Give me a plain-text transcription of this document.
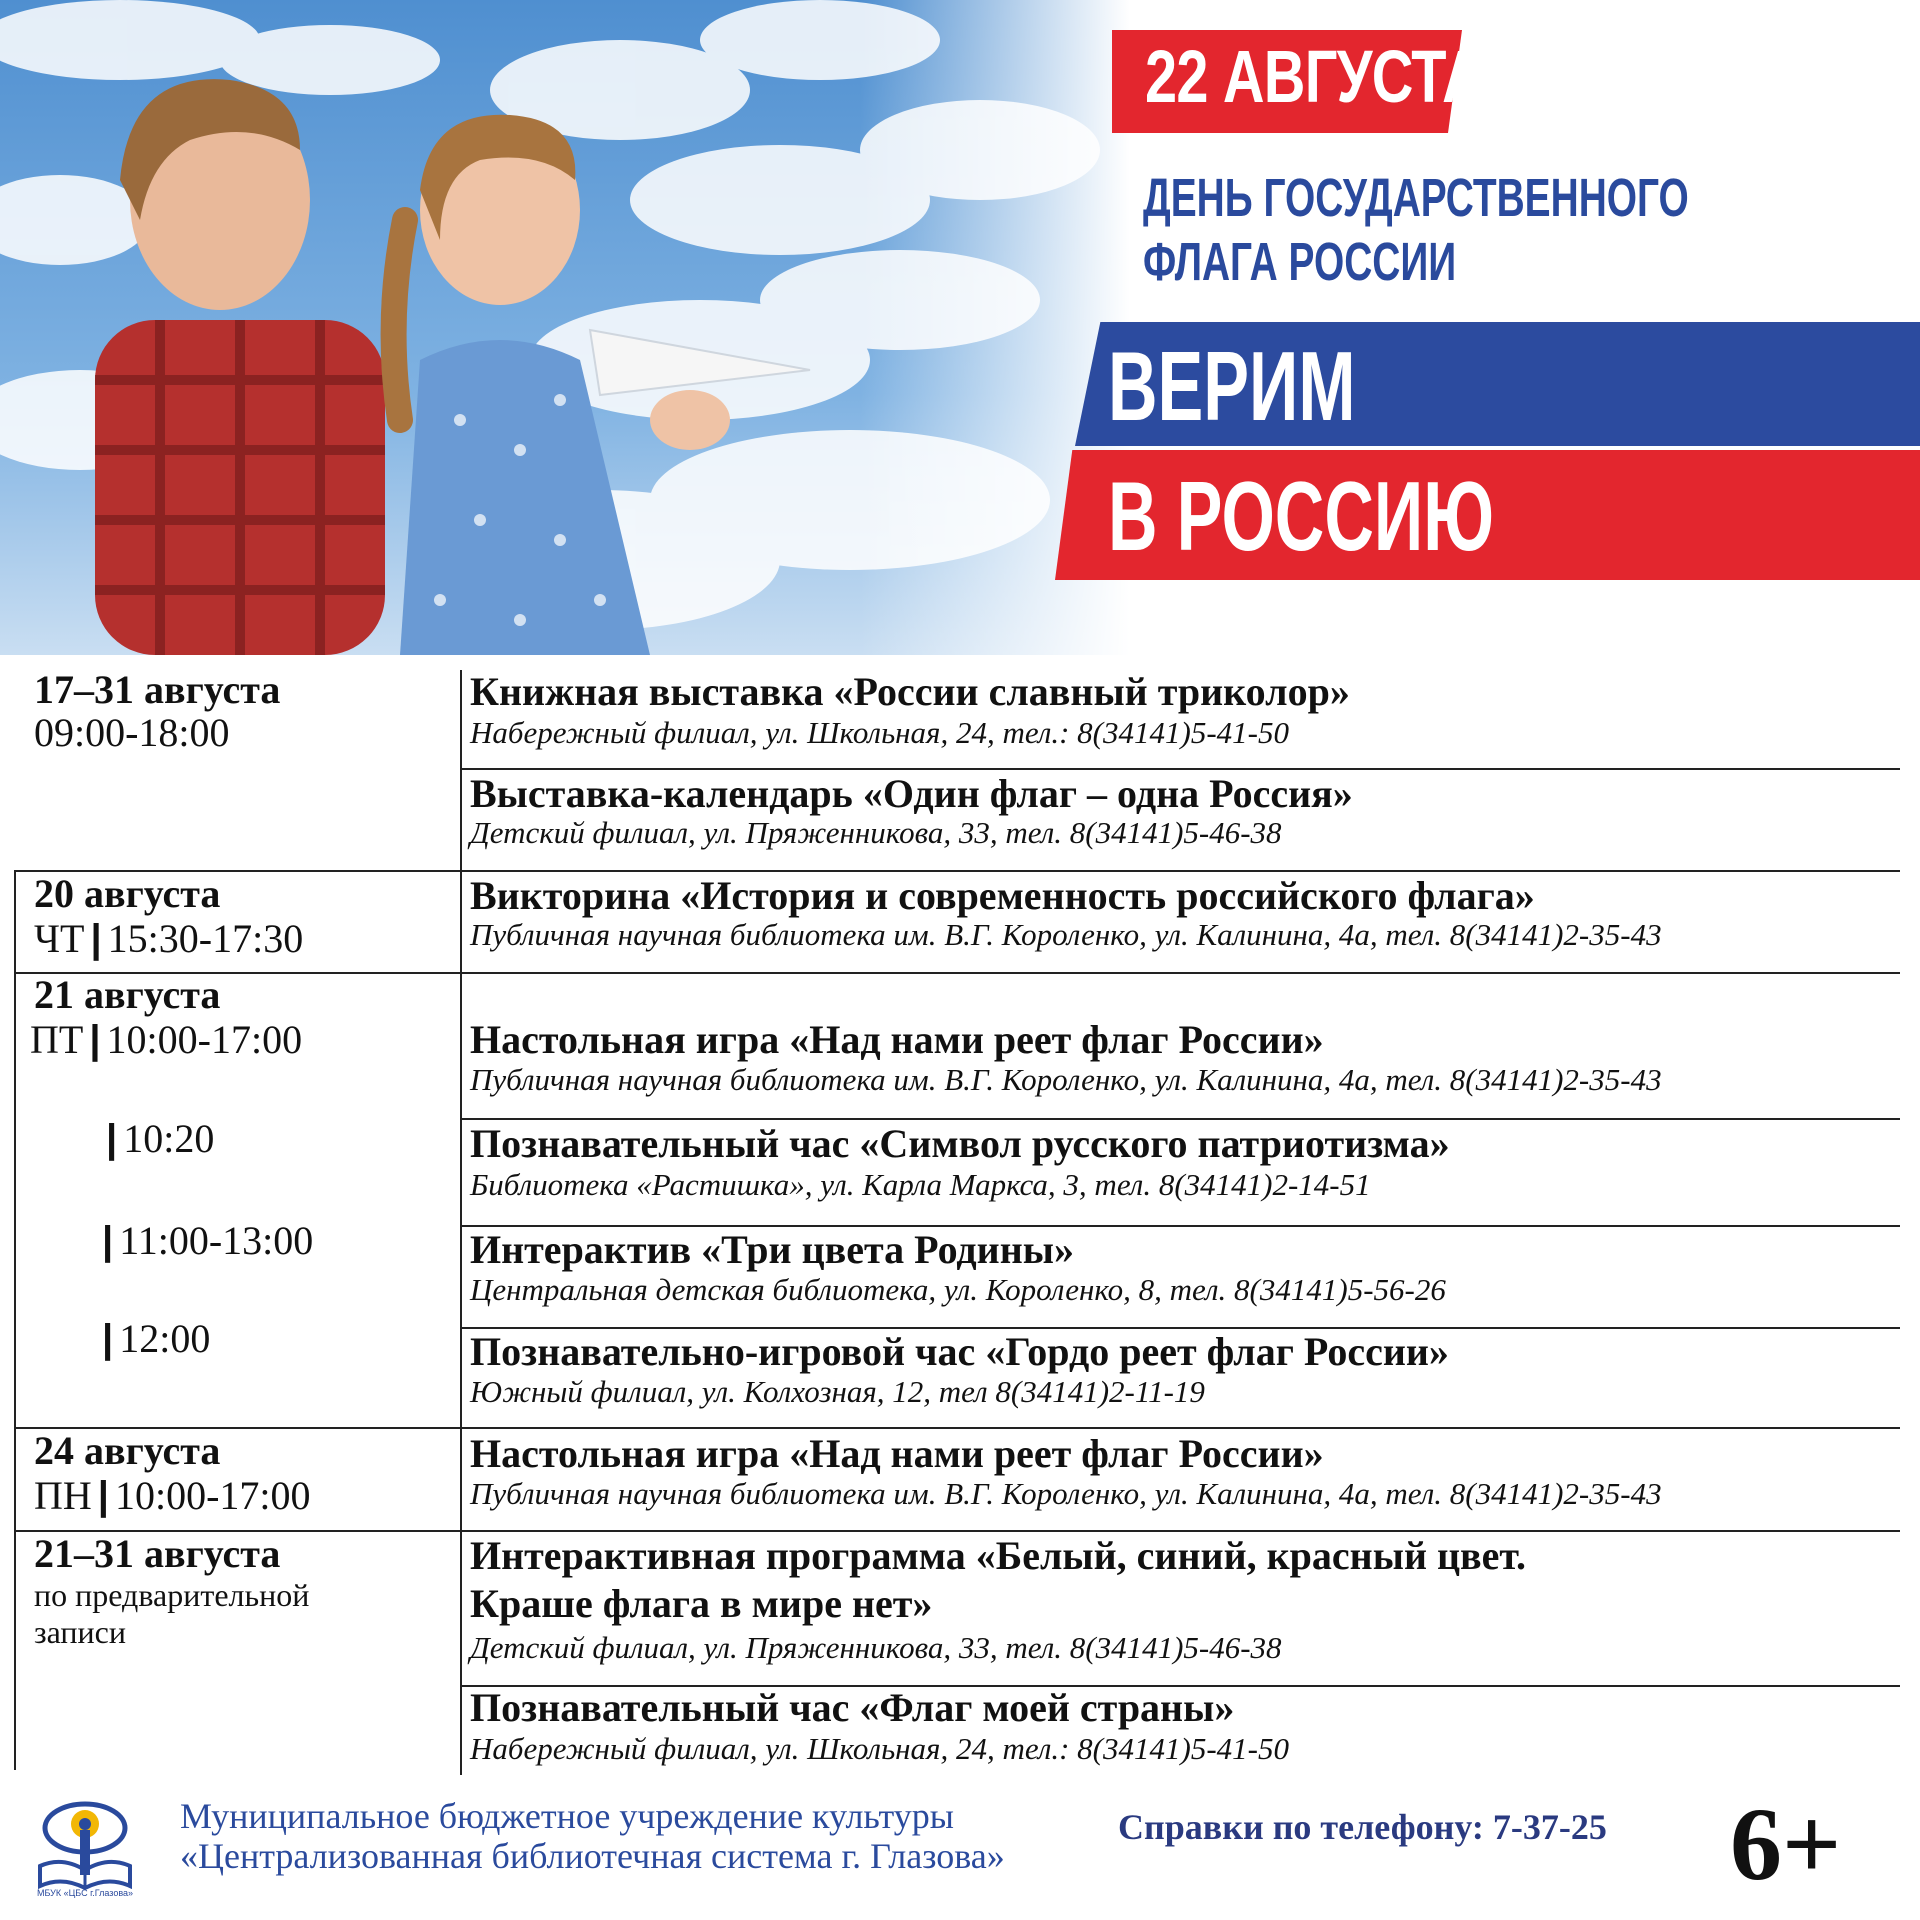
22 АВГУСТА
ДЕНЬ ГОСУДАРСТВЕННОГО
ФЛАГА РОССИИ
ВЕРИМ
В РОССИЮ
17–31 августа
09:00-18:00
Книжная выставка «России славный триколор»
Набережный филиал, ул. Школьная, 24, тел.: 8(34141)5-41-50
Выставка-календарь «Один флаг – одна Россия»
Детский филиал, ул. Пряженникова, 33, тел. 8(34141)5-46-38
20 августа
ЧТ | 15:30-17:30
Викторина «История и современность российского флага»
Публичная научная библиотека им. В.Г. Короленко, ул. Калинина, 4а, тел. 8(34141)2-35-43
21 августа
ПТ | 10:00-17:00
| 10:20
| 11:00-13:00
| 12:00
Настольная игра «Над нами реет флаг России»
Публичная научная библиотека им. В.Г. Короленко, ул. Калинина, 4а, тел. 8(34141)2-35-43
Познавательный час «Символ русского патриотизма»
Библиотека «Растишка», ул. Карла Маркса, 3, тел. 8(34141)2-14-51
Интерактив «Три цвета Родины»
Центральная детская библиотека, ул. Короленко, 8, тел. 8(34141)5-56-26
Познавательно-игровой час «Гордо реет флаг России»
Южный филиал, ул. Колхозная, 12, тел 8(34141)2-11-19
24 августа
ПН | 10:00-17:00
Настольная игра «Над нами реет флаг России»
Публичная научная библиотека им. В.Г. Короленко, ул. Калинина, 4а, тел. 8(34141)2-35-43
21–31 августа
по предварительной
записи
Интерактивная программа «Белый, синий, красный цвет.
Краше флага в мире нет»
Детский филиал, ул. Пряженникова, 33, тел. 8(34141)5-46-38
Познавательный час «Флаг моей страны»
Набережный филиал, ул. Школьная, 24, тел.: 8(34141)5-41-50
МБУК «ЦБС г.Глазова»
Муниципальное бюджетное учреждение культуры
«Централизованная библиотечная система г. Глазова»
Справки по телефону: 7-37-25 6+
